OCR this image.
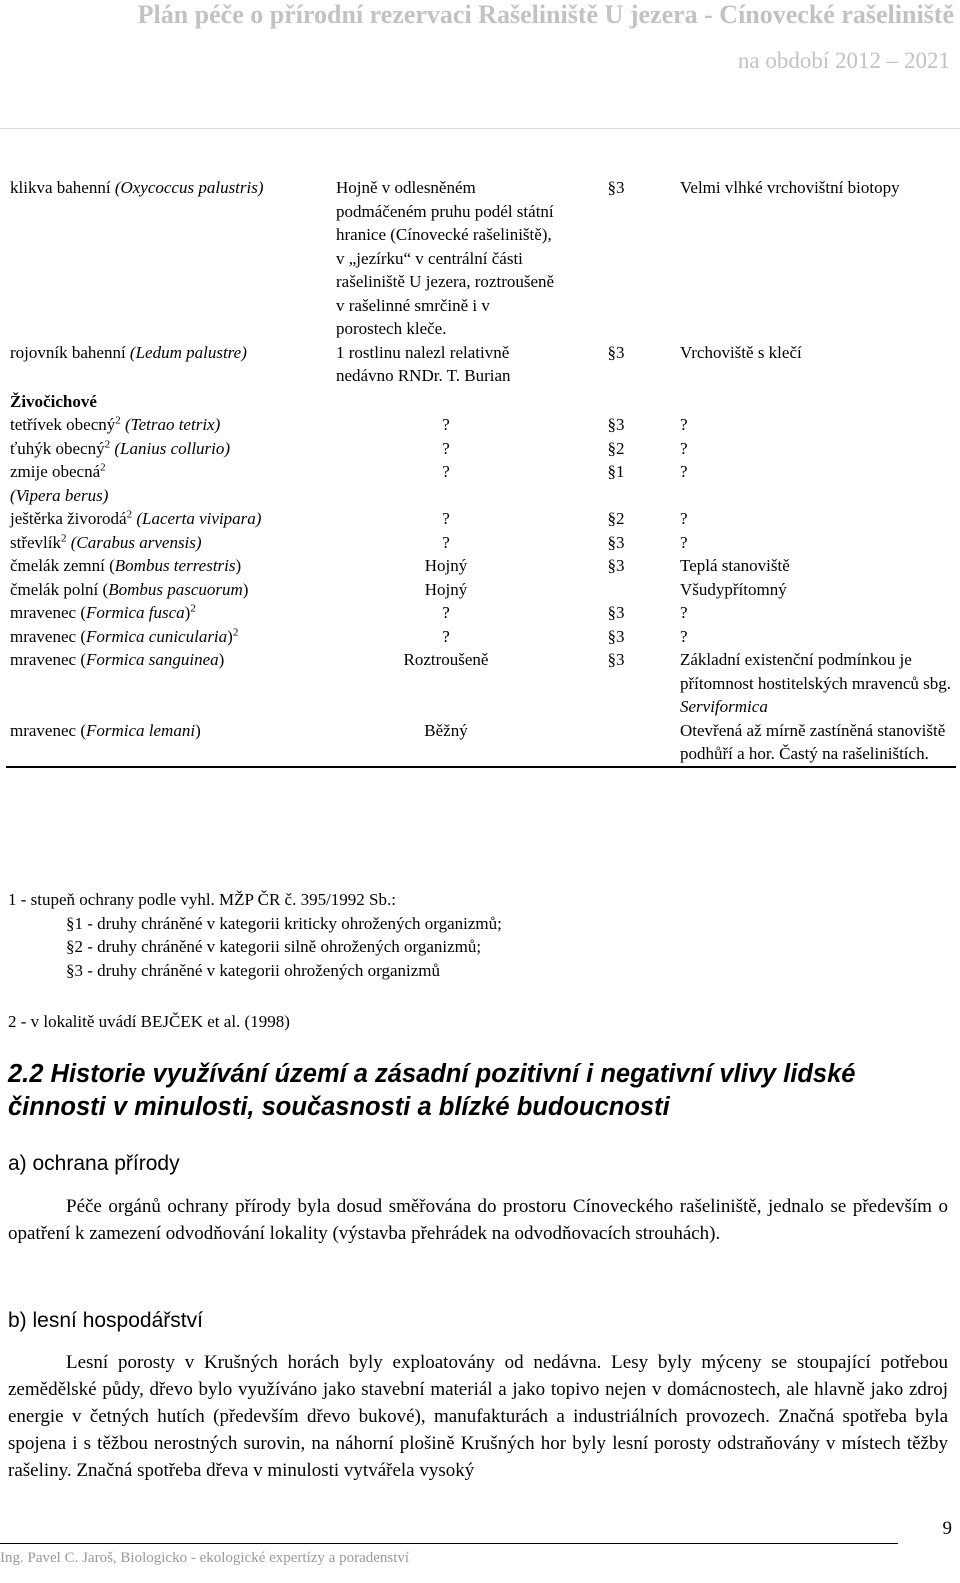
Plán péče o přírodní rezervaci Rašeliniště U jezera - Cínovecké rašeliniště
na období 2012 – 2021
klikva bahenní (Oxycoccus palustris)	Hojně v odlesněném podmáčeném pruhu podél státní hranice (Cínovecké rašeliniště), v „jezírku“ v centrální části rašeliniště U jezera, roztroušeně v rašelinné smrčině i v porostech kleče.	§3	Velmi vlhké vrchovištní biotopy
rojovník bahenní (Ledum palustre)	1 rostlinu nalezl relativně nedávno RNDr. T. Burian	§3	Vrchoviště s klečí
Živočichové			
tetřívek obecný$^2$ (Tetrao tetrix)	?	§3	?
ťuhýk obecný$^2$ (Lanius collurio)	?	§2	?
zmije obecná$^2$
(Vipera berus)	?	§1	?
ještěrka živorodá$^2$ (Lacerta vivipara)	?	§2	?
střevlík$^2$ (Carabus arvensis)	?	§3	?
čmelák zemní (Bombus terrestris)	Hojný	§3	Teplá stanoviště
čmelák polní (Bombus pascuorum)	Hojný		Všudypřítomný
mravenec (Formica fusca)$^2$	?	§3	?
mravenec (Formica cunicularia)$^2$	?	§3	?
mravenec (Formica sanguinea)	Roztroušeně	§3	Základní existenční podmínkou je přítomnost hostitelských mravenců sbg. Serviformica
mravenec (Formica lemani)	Běžný		Otevřená až mírně zastíněná stanoviště podhůří a hor. Častý na rašeliništích.
1 - stupeň ochrany podle vyhl. MŽP ČR č. 395/1992 Sb.:
§1 - druhy chráněné v kategorii kriticky ohrožených organizmů;
§2 - druhy chráněné v kategorii silně ohrožených organizmů;
§3 - druhy chráněné v kategorii ohrožených organizmů
2 - v lokalitě uvádí BEJČEK et al. (1998)
2.2 Historie využívání území a zásadní pozitivní i negativní vlivy lidské činnosti v minulosti, současnosti a blízké budoucnosti
a) ochrana přírody

Péče orgánů ochrany přírody byla dosud směřována do prostoru Cínoveckého rašeliniště, jednalo se především o opatření k zamezení odvodňování lokality (výstavba přehrádek na odvodňovacích strouhách).

b) lesní hospodářství

Lesní porosty v Krušných horách byly exploatovány od nedávna. Lesy byly mýceny se stoupající potřebou zemědělské půdy, dřevo bylo využíváno jako stavební materiál a jako topivo nejen v domácnostech, ale hlavně jako zdroj energie v četných hutích (především dřevo bukové), manufakturách a industriálních provozech. Značná spotřeba byla spojena i s těžbou nerostných surovin, na náhorní plošině Krušných hor byly lesní porosty odstraňovány v místech těžby rašeliny. Značná spotřeba dřeva v minulosti vytvářela vysoký

9
Ing. Pavel C. Jaroš, Biologicko - ekologické expertízy a poradenství
